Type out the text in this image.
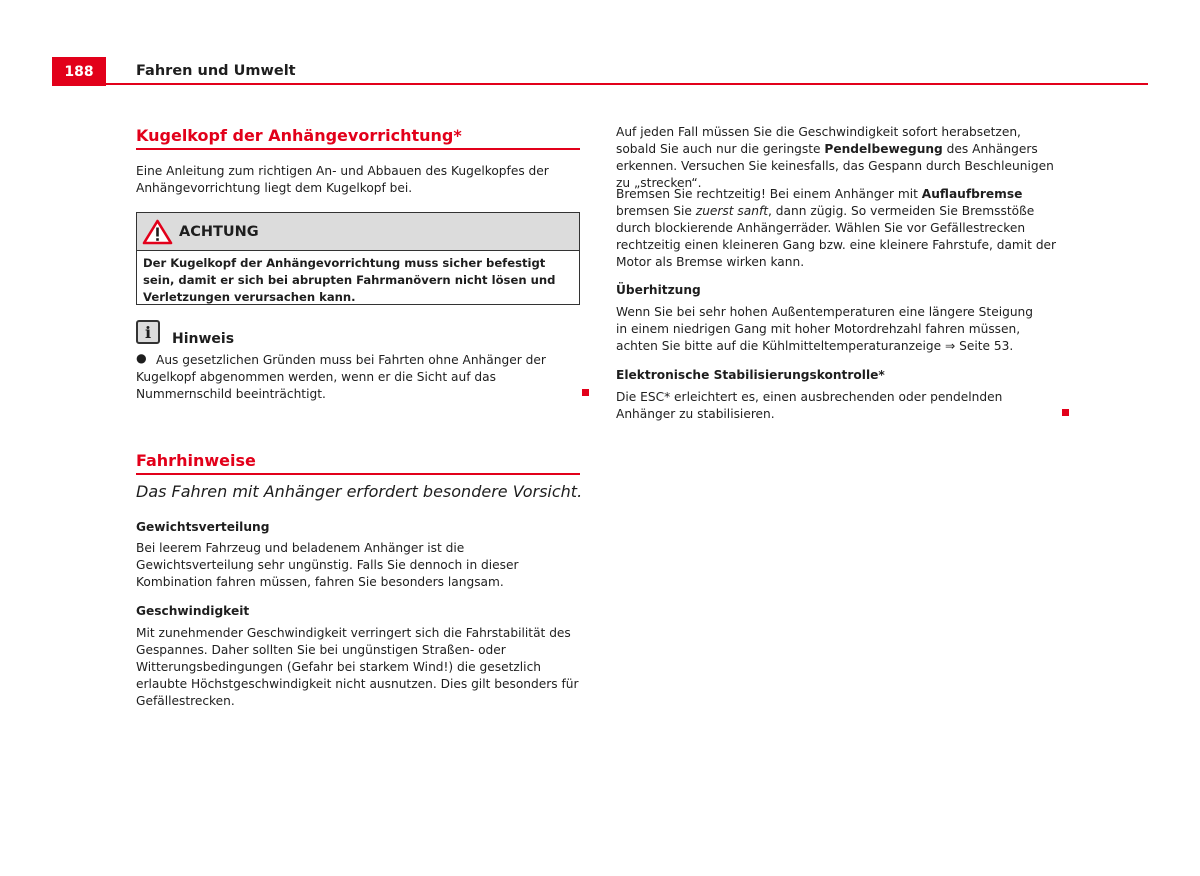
188	Fahren und Umwelt
Kugelkopf der Anhängevorrichtung*
Eine Anleitung zum richtigen An- und Abbauen des Kugelkopfes der Anhängevorrichtung liegt dem Kugelkopf bei.
ACHTUNG
Der Kugelkopf der Anhängevorrichtung muss sicher befestigt sein, damit er sich bei abrupten Fahrmanövern nicht lösen und Verletzungen verursachen kann.
i	Hinweis
● Aus gesetzlichen Gründen muss bei Fahrten ohne Anhänger der Kugelkopf abgenommen werden, wenn er die Sicht auf das Nummernschild beeinträchtigt.
Fahrhinweise
Das Fahren mit Anhänger erfordert besondere Vorsicht.
Gewichtsverteilung
Bei leerem Fahrzeug und beladenem Anhänger ist die Gewichtsverteilung sehr ungünstig. Falls Sie dennoch in dieser Kombination fahren müssen, fahren Sie besonders langsam.
Geschwindigkeit
Mit zunehmender Geschwindigkeit verringert sich die Fahrstabilität des Gespannes. Daher sollten Sie bei ungünstigen Straßen- oder Witterungsbedingungen (Gefahr bei starkem Wind!) die gesetzlich erlaubte Höchstgeschwindigkeit nicht ausnutzen. Dies gilt besonders für Gefällestrecken.
Auf jeden Fall müssen Sie die Geschwindigkeit sofort herabsetzen, sobald Sie auch nur die geringste Pendelbewegung des Anhängers erkennen. Versuchen Sie keinesfalls, das Gespann durch Beschleunigen zu „strecken“.
Bremsen Sie rechtzeitig! Bei einem Anhänger mit Auflaufbremse bremsen Sie zuerst sanft, dann zügig. So vermeiden Sie Bremsstöße durch blockierende Anhängerräder. Wählen Sie vor Gefällestrecken rechtzeitig einen kleineren Gang bzw. eine kleinere Fahrstufe, damit der Motor als Bremse wirken kann.
Überhitzung
Wenn Sie bei sehr hohen Außentemperaturen eine längere Steigung in einem niedrigen Gang mit hoher Motordrehzahl fahren müssen, achten Sie bitte auf die Kühlmitteltemperaturanzeige ⇒ Seite 53.
Elektronische Stabilisierungskontrolle*
Die ESC* erleichtert es, einen ausbrechenden oder pendelnden Anhänger zu stabilisieren.
